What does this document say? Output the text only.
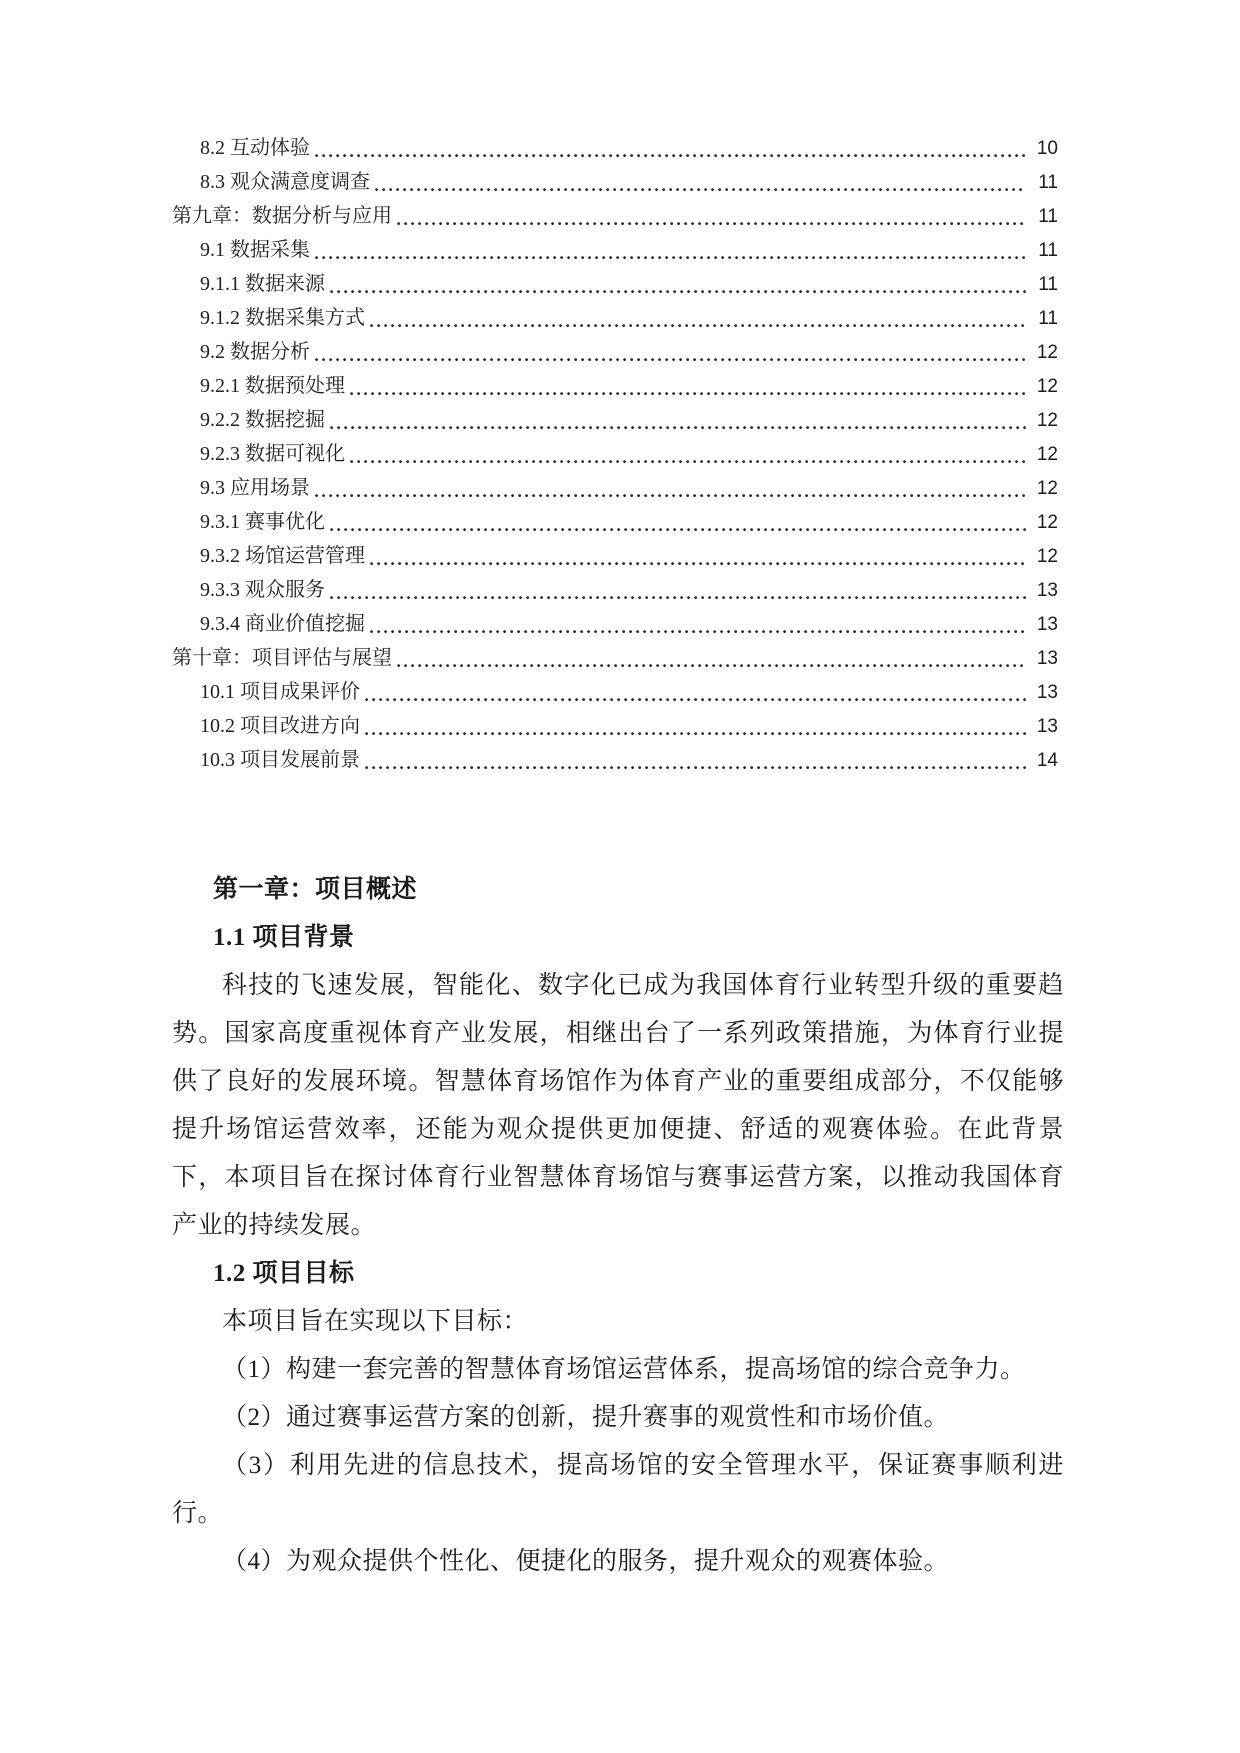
8.2 互动体验	10
8.3 观众满意度调查	11
第九章：数据分析与应用	11
9.1 数据采集	11
9.1.1 数据来源	11
9.1.2 数据采集方式	11
9.2 数据分析	12
9.2.1 数据预处理	12
9.2.2 数据挖掘	12
9.2.3 数据可视化	12
9.3 应用场景	12
9.3.1 赛事优化	12
9.3.2 场馆运营管理	12
9.3.3 观众服务	13
9.3.4 商业价值挖掘	13
第十章：项目评估与展望	13
10.1 项目成果评价	13
10.2 项目改进方向	13
10.3 项目发展前景	14
第一章：项目概述
1.1 项目背景

科技的飞速发展，智能化、数字化已成为我国体育行业转型升级的重要趋势。国家高度重视体育产业发展，相继出台了一系列政策措施，为体育行业提供了良好的发展环境。智慧体育场馆作为体育产业的重要组成部分，不仅能够提升场馆运营效率，还能为观众提供更加便捷、舒适的观赛体验。在此背景下，本项目旨在探讨体育行业智慧体育场馆与赛事运营方案，以推动我国体育产业的持续发展。

1.2 项目目标

本项目旨在实现以下目标：

（1）构建一套完善的智慧体育场馆运营体系，提高场馆的综合竞争力。

（2）通过赛事运营方案的创新，提升赛事的观赏性和市场价值。

（3）利用先进的信息技术，提高场馆的安全管理水平，保证赛事顺利进行。

（4）为观众提供个性化、便捷化的服务，提升观众的观赛体验。
